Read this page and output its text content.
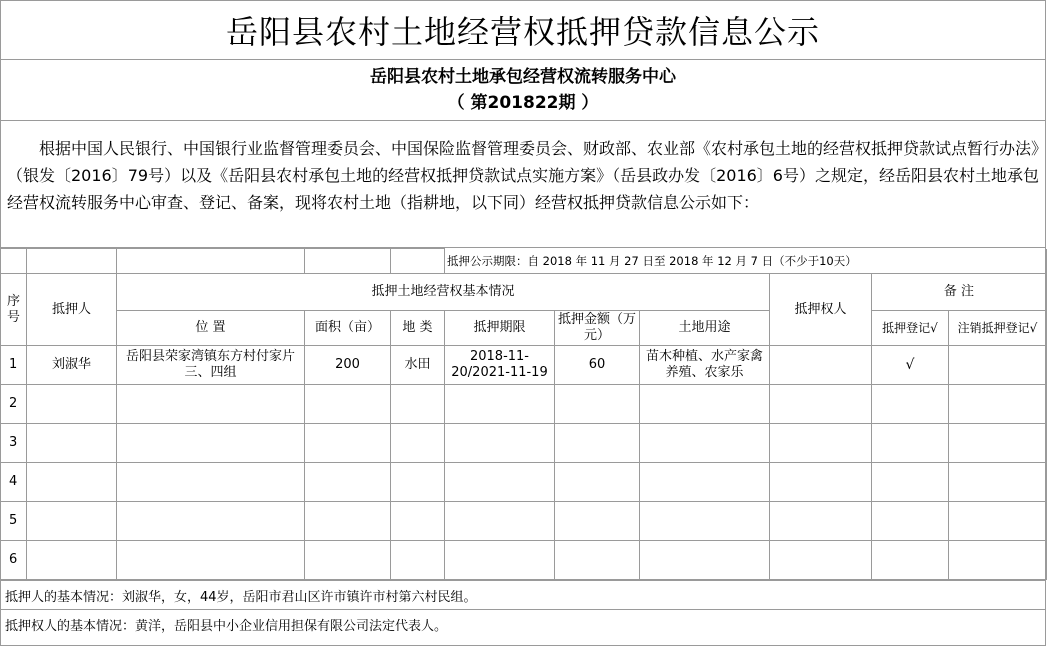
岳阳县农村土地经营权抵押贷款信息公示
岳阳县农村土地承包经营权流转服务中心
（ 第201822期 ）
根据中国人民银行、中国银行业监督管理委员会、中国保险监督管理委员会、财政部、农业部《农村承包土地的经营权抵押贷款试点暂行办法》（银发〔2016〕79号）以及《岳阳县农村承包土地的经营权抵押贷款试点实施方案》（岳县政办发〔2016〕6号）之规定，经岳阳县农村土地承包经营权流转服务中心审查、登记、备案，现将农村土地（指耕地，以下同）经营权抵押贷款信息公示如下：
					抵押公示期限：自 2018 年 11 月 27 日至 2018 年 12 月 7 日（不少于10天）					
序号	抵押人	抵押土地经营权基本情况						抵押权人	备 注	
		位 置	面积（亩）	地 类	抵押期限	抵押金额（万元）	土地用途		抵押登记√	注销抵押登记√
1	刘淑华	岳阳县荣家湾镇东方村付家片三、四组	200	水田	2018-11-20/2021-11-19	60	苗木种植、水产家禽养殖、农家乐		√	
2										
3										
4										
5										
6										
抵押人的基本情况：刘淑华，女，44岁，岳阳市君山区许市镇许市村第六村民组。
抵押权人的基本情况：黄洋，岳阳县中小企业信用担保有限公司法定代表人。
